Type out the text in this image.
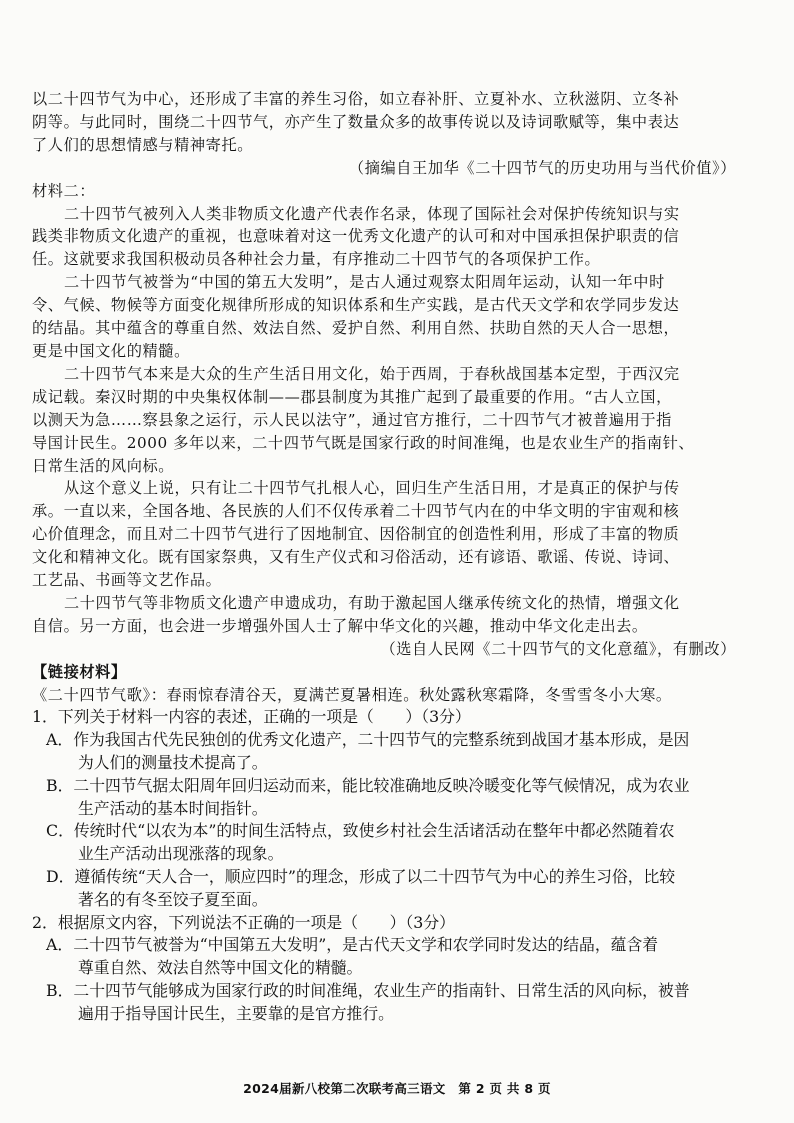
以二十四节气为中心，还形成了丰富的养生习俗，如立春补肝、立夏补水、立秋滋阴、立冬补
阴等。与此同时，围绕二十四节气，亦产生了数量众多的故事传说以及诗词歌赋等，集中表达
了人们的思想情感与精神寄托。
（摘编自王加华《二十四节气的历史功用与当代价值》）
材料二：
二十四节气被列入人类非物质文化遗产代表作名录，体现了国际社会对保护传统知识与实
践类非物质文化遗产的重视，也意味着对这一优秀文化遗产的认可和对中国承担保护职责的信
任。这就要求我国积极动员各种社会力量，有序推动二十四节气的各项保护工作。
二十四节气被誉为“中国的第五大发明”，是古人通过观察太阳周年运动，认知一年中时
令、气候、物候等方面变化规律所形成的知识体系和生产实践，是古代天文学和农学同步发达
的结晶。其中蕴含的尊重自然、效法自然、爱护自然、利用自然、扶助自然的天人合一思想，
更是中国文化的精髓。
二十四节气本来是大众的生产生活日用文化，始于西周，于春秋战国基本定型，于西汉完
成记载。秦汉时期的中央集权体制——郡县制度为其推广起到了最重要的作用。“古人立国，
以测天为急……察县象之运行，示人民以法守”，通过官方推行，二十四节气才被普遍用于指
导国计民生。2000 多年以来，二十四节气既是国家行政的时间准绳，也是农业生产的指南针、
日常生活的风向标。
从这个意义上说，只有让二十四节气扎根人心，回归生产生活日用，才是真正的保护与传
承。一直以来，全国各地、各民族的人们不仅传承着二十四节气内在的中华文明的宇宙观和核
心价值理念，而且对二十四节气进行了因地制宜、因俗制宜的创造性利用，形成了丰富的物质
文化和精神文化。既有国家祭典，又有生产仪式和习俗活动，还有谚语、歌谣、传说、诗词、
工艺品、书画等文艺作品。
二十四节气等非物质文化遗产申遗成功，有助于激起国人继承传统文化的热情，增强文化
自信。另一方面，也会进一步增强外国人士了解中华文化的兴趣，推动中华文化走出去。
（选自人民网《二十四节气的文化意蕴》，有删改）
【链接材料】
《二十四节气歌》：春雨惊春清谷天，夏满芒夏暑相连。秋处露秋寒霜降，冬雪雪冬小大寒。
1．下列关于材料一内容的表述，正确的一项是（　　）（3分）
A．作为我国古代先民独创的优秀文化遗产，二十四节气的完整系统到战国才基本形成，是因
为人们的测量技术提高了。
B．二十四节气据太阳周年回归运动而来，能比较准确地反映冷暖变化等气候情况，成为农业
生产活动的基本时间指针。
C．传统时代“以农为本”的时间生活特点，致使乡村社会生活诸活动在整年中都必然随着农
业生产活动出现涨落的现象。
D．遵循传统“天人合一，顺应四时”的理念，形成了以二十四节气为中心的养生习俗，比较
著名的有冬至饺子夏至面。
2．根据原文内容，下列说法不正确的一项是（　　）（3分）
A．二十四节气被誉为“中国第五大发明”，是古代天文学和农学同时发达的结晶，蕴含着
尊重自然、效法自然等中国文化的精髓。
B．二十四节气能够成为国家行政的时间准绳，农业生产的指南针、日常生活的风向标，被普
遍用于指导国计民生，主要靠的是官方推行。
2024届新八校第二次联考高三语文　第 2 页 共 8 页
